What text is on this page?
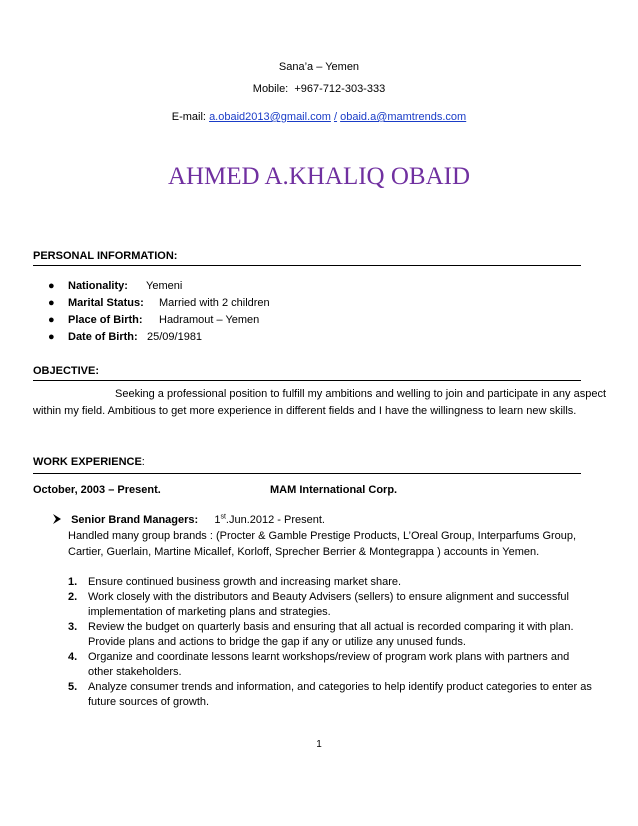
Sana’a – Yemen
Mobile: +967-712-303-333
E-mail: a.obaid2013@gmail.com / obaid.a@mamtrends.com
AHMED A.KHALIQ OBAID
PERSONAL INFORMATION:
●	Nationality:	Yemeni
●	Marital Status:	Married with 2 children
●	Place of Birth:	Hadramout – Yemen
●	Date of Birth: 25/09/1981
OBJECTIVE:
Seeking a professional position to fulfill my ambitions and welling to join and participate in any aspect
within my field. Ambitious to get more experience in different fields and I have the willingness to learn new skills.
WORK EXPERIENCE:
October, 2003 – Present.	MAM International Corp.
Senior Brand Managers: 1st.Jun.2012 - Present.
Handled many group brands : (Procter & Gamble Prestige Products, L’Oreal Group, Interparfums Group,
Cartier, Guerlain, Martine Micallef, Korloff, Sprecher Berrier & Montegrappa ) accounts in Yemen.
1. Ensure continued business growth and increasing market share.
2. Work closely with the distributors and Beauty Advisers (sellers) to ensure alignment and successful
implementation of marketing plans and strategies.
3. Review the budget on quarterly basis and ensuring that all actual is recorded comparing it with plan.
Provide plans and actions to bridge the gap if any or utilize any unused funds.
4. Organize and coordinate lessons learnt workshops/review of program work plans with partners and
other stakeholders.
5. Analyze consumer trends and information, and categories to help identify product categories to enter as
future sources of growth.
1
